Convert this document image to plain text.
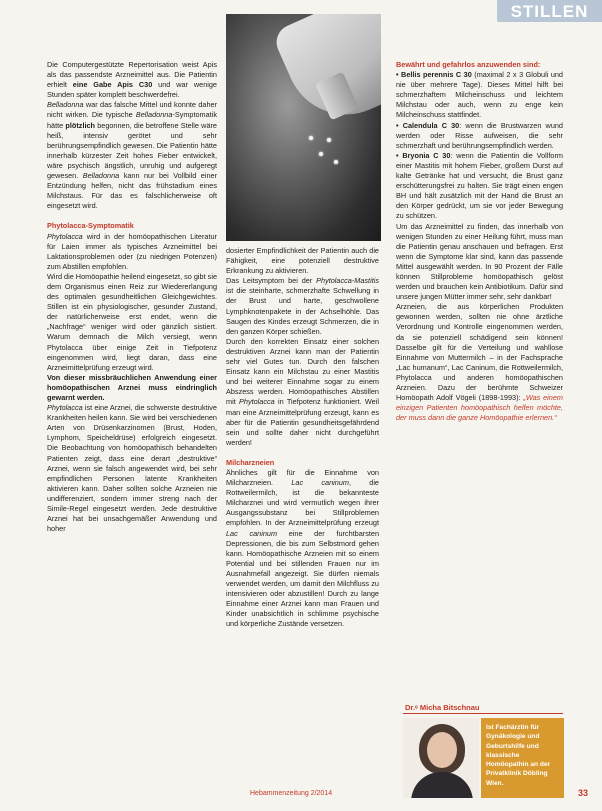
STILLEN

Die Computergestützte Repertorisation weist Apis als das passendste Arzneimittel aus. Die Patientin erhielt eine Gabe Apis C30 und war wenige Stunden später komplett beschwerdefrei.

Belladonna war das falsche Mittel und konnte daher nicht wirken. Die typische Belladonna-Symptomatik hätte plötzlich begonnen, die betroffene Stelle wäre heiß, intensiv gerötet und sehr berührungsempfindlich gewesen. Die Patientin hätte innerhalb kürzester Zeit hohes Fieber entwickelt, wäre psychisch ängstlich, unruhig und aufgeregt gewesen. Belladonna kann nur bei Vollbild einer Entzündung helfen, nicht das frühstadium eines Milchstaus. Für das es falschlicherweise oft eingesetzt wird.

Phytolacca-Symptomatik

Phytolacca wird in der homöopathischen Literatur für Laien immer als typisches Arzneimittel bei Laktationsproblemen oder (zu niedrigen Potenzen) zum Abstillen empfohlen.

Wird die Homöopathie heilend eingesetzt, so gibt sie dem Organismus einen Reiz zur Wiedererlangung des optimalen gesundheitlichen Gleichgewichtes. Stillen ist ein physiologischer, gesunder Zustand, der natürlicherweise erst endet, wenn die „Nachfrage“ weniger wird oder gänzlich sistiert. Warum demnach die Milch versiegt, wenn Phytolacca über einige Zeit in Tiefpotenz eingenommen wird, liegt daran, dass eine Arzneimittelprüfung erzeugt wird.

Von dieser missbräuchlichen Anwendung einer homöopathischen Arznei muss eindringlich gewarnt werden.

Phytolacca ist eine Arznei, die schwerste destruktive Krankheiten heilen kann. Sie wird bei verschiedenen Arten von Drüsenkarzinomen (Brust, Hoden, Lymphom, Speicheldrüse) erfolgreich eingesetzt. Die Beobachtung von homöopathisch behandelten Patienten zeigt, dass eine derart „destruktive“ Arznei, wenn sie falsch angewendet wird, bei sehr empfindlichen Personen latente Krankheiten aktivieren kann. Daher sollten solche Arzneien nie undifferenziert, sondern immer streng nach der Simile-Regel eingesetzt werden. Jede destruktive Arznei hat bei unsachgemäßer Anwendung und hoher

dosierter Empfindlichkeit der Patientin auch die Fähigkeit, eine potenziell destruktive Erkrankung zu aktivieren.

Das Leitsymptom bei der Phytolacca-Mastitis ist die steinharte, schmerzhafte Schwellung in der Brust und harte, geschwollene Lymphknotenpakete in der Achselhöhle. Das Saugen des Kindes erzeugt Schmerzen, die in den ganzen Körper schießen.

Durch den korrekten Einsatz einer solchen destruktiven Arznei kann man der Patientin sehr viel Gutes tun. Durch den falschen Einsatz kann ein Milchstau zu einer Mastitis und bei weiterer Einnahme sogar zu einem Abszess werden. Homöopathisches Abstillen mit Phytolacca in Tiefpotenz funktioniert. Weil man eine Arzneimittelprüfung erzeugt, kann es aber für die Patientin gesundheitsgefährdend sein und sollte daher nicht durchgeführt werden!

Milcharzneien

Ähnliches gilt für die Einnahme von Milcharzneien. Lac caninum, die Rottweilermilch, ist die bekannteste Milcharznei und wird vermutlich wegen ihrer Ausgangssubstanz bei Stillproblemen empfohlen. In der Arzneimittelprüfung erzeugt Lac caninum eine der furchtbarsten Depressionen, die bis zum Selbstmord gehen kann. Homöopathische Arzneien mit so einem Potential und bei stillenden Frauen nur im Ausnahmefall angezeigt. Sie dürfen niemals verwendet werden, um damit den Milchfluss zu intensivieren oder abzustillen! Durch zu lange Einnahme einer Arznei kann man Frauen und Kinder unabsichtlich in schlimme psychische und körperliche Zustände versetzen.

Bewährt und gefahrlos anzuwenden sind:

• Bellis perennis C 30 (maximal 2 x 3 Globuli und nie über mehrere Tage). Dieses Mittel hilft bei schmerzhaftem Milcheinschuss und leichtem Milchstau oder auch, wenn zu enge kein Milcheinschuss stattfindet.

• Calendula C 30: wenn die Brustwarzen wund werden oder Risse aufweisen, die sehr schmerzhaft und berührungsempfindlich werden.

• Bryonia C 30: wenn die Patientin die Vollform einer Mastitis mit hohem Fieber, großem Durst auf kalte Getränke hat und versucht, die Brust ganz erschütterungsfrei zu halten. Sie trägt einen engen BH und hält zusätzlich mit der Hand die Brust an den Körper gedrückt, um sie vor jeder Bewegung zu schützen.

Um das Arzneimittel zu finden, das innerhalb von wenigen Stunden zu einer Heilung führt, muss man die Patientin genau anschauen und befragen. Erst wenn die Symptome klar sind, kann das passende Mittel ausgewählt werden. In 90 Prozent der Fälle können Stillprobleme homöopathisch gelöst werden und brauchen kein Antibiotikum. Dafür sind unsere jungen Mütter immer sehr, sehr dankbar!

Arzneien, die aus körperlichen Produkten gewonnen werden, sollten nie ohne ärztliche Verordnung und Kontrolle eingenommen werden, da sie potenziell schädigend sein können! Dasselbe gilt für die Verteilung und wahllose Einnahme von Muttermilch – in der Fachsprache „Lac humanum“, Lac Caninum, die Rottweilermilch, Phytolacca und anderen homöopathischen Arzneien. Dazu der berühmte Schweizer Homöopath Adolf Vögeli (1898-1993): „Was einem einzigen Patienten homöopathisch helfen möchte, der muss dann die ganze Homöopathie erlernen.“

Dr.ᵉ Micha Bitschnau
Ist Fachärztin für Gynäkologie und Geburtshilfe und klassische Homöopathin an der Privatklinik Döbling Wien.
Hebammenzeitung 2/2014	33
